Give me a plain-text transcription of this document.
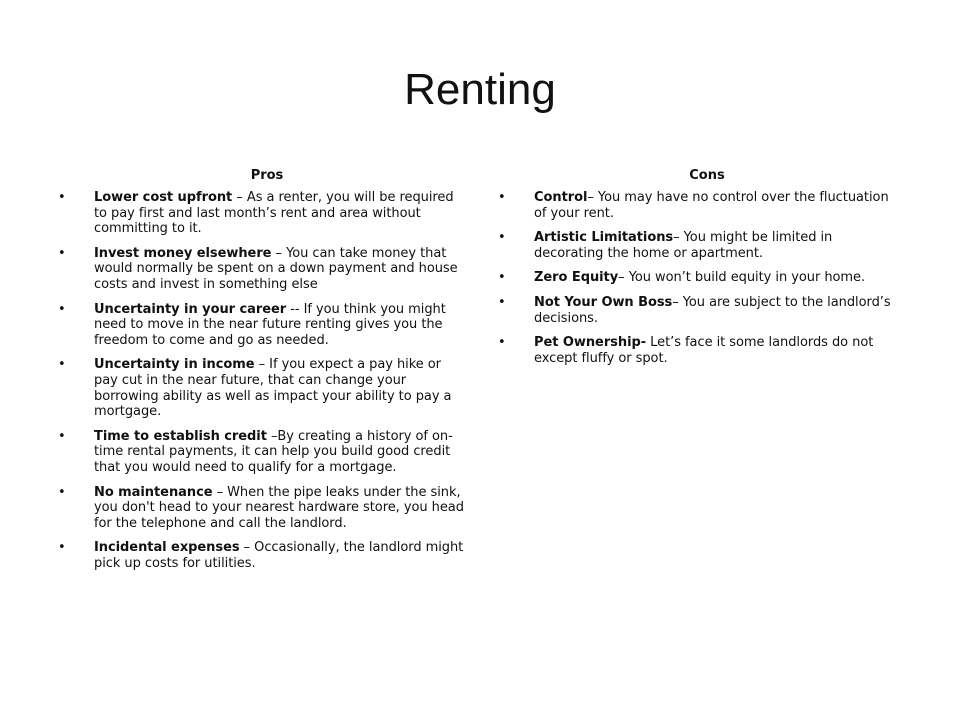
Renting
Pros
• Lower cost upfront – As a renter, you will be required to pay first and last month’s rent and area without committing to it.
• Invest money elsewhere – You can take money that would normally be spent on a down payment and house costs and invest in something else
• Uncertainty in your career -- If you think you might need to move in the near future renting gives you the freedom to come and go as needed.
• Uncertainty in income – If you expect a pay hike or pay cut in the near future, that can change your borrowing ability as well as impact your ability to pay a mortgage.
• Time to establish credit –By creating a history of on-time rental payments, it can help you build good credit that you would need to qualify for a mortgage.
• No maintenance – When the pipe leaks under the sink, you don't head to your nearest hardware store, you head for the telephone and call the landlord.
• Incidental expenses – Occasionally, the landlord might pick up costs for utilities.
Cons
• Control– You may have no control over the fluctuation of your rent.
• Artistic Limitations– You might be limited in decorating the home or apartment.
• Zero Equity– You won’t build equity in your home.
• Not Your Own Boss– You are subject to the landlord’s decisions.
• Pet Ownership- Let’s face it some landlords do not except fluffy or spot.
